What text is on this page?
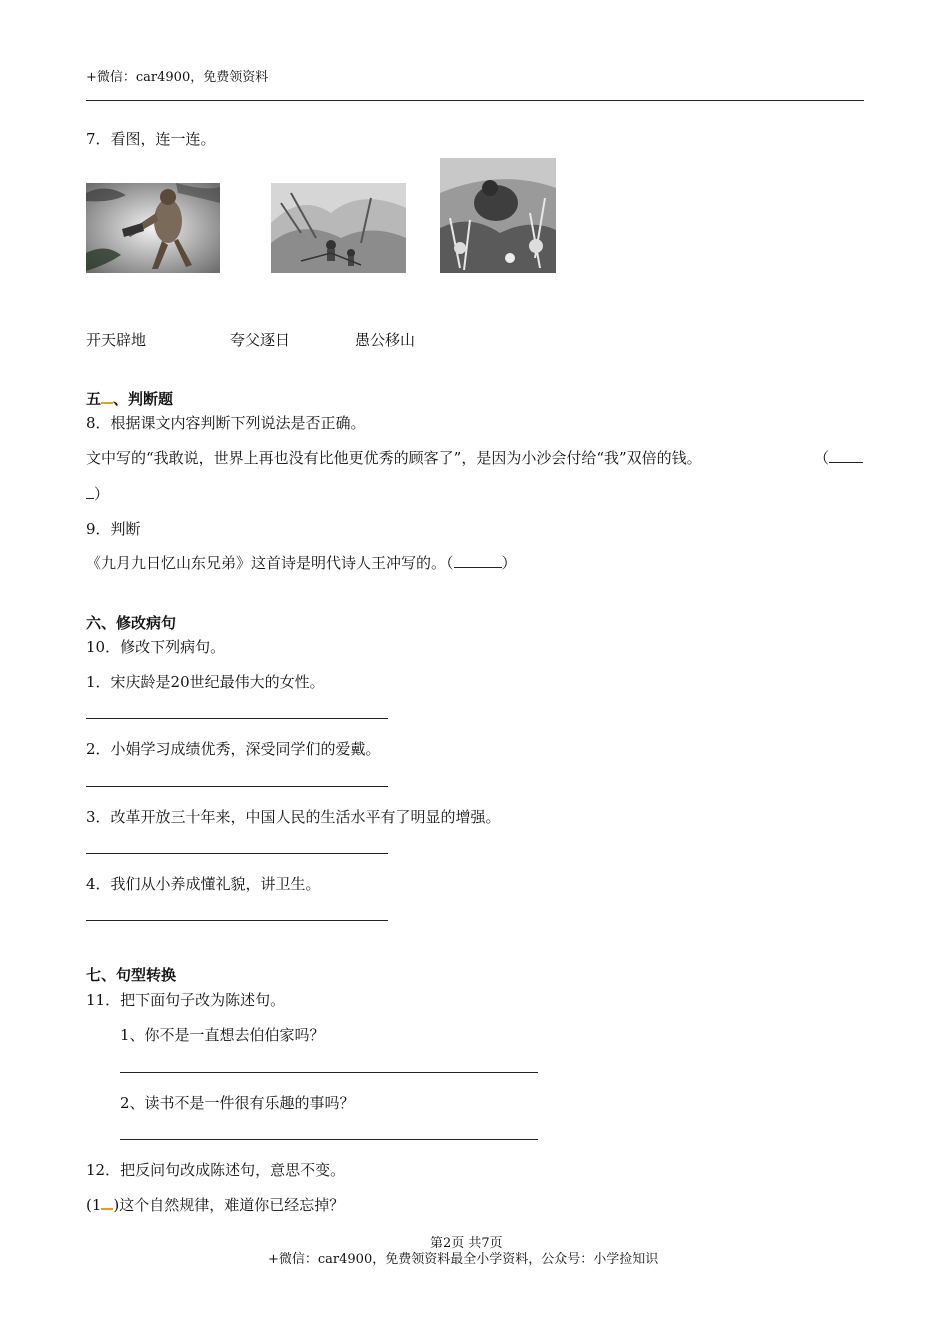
+微信：car4900，免费领资料
7．看图，连一连。
开天辟地	夸父逐日	愚公移山
五 、判断题
8．根据课文内容判断下列说法是否正确。
文中写的“我敢说，世界上再也没有比他更优秀的顾客了”，是因为小沙会付给“我”双倍的钱。	（
）
9．判断
《九月九日忆山东兄弟》这首诗是明代诗人王冲写的。（	）
六、修改病句
10．修改下列病句。
1．宋庆龄是20世纪最伟大的女性。
2．小娟学习成绩优秀，深受同学们的爱戴。
3．改革开放三十年来，中国人民的生活水平有了明显的增强。
4．我们从小养成懂礼貌，讲卫生。
七、句型转换
11．把下面句子改为陈述句。
1、你不是一直想去伯伯家吗？
2、读书不是一件很有乐趣的事吗？
12．把反问句改成陈述句，意思不变。
(1 )这个自然规律，难道你已经忘掉？
第2页 共7页
+微信：car4900，免费领资料最全小学资料，公众号：小学捡知识
